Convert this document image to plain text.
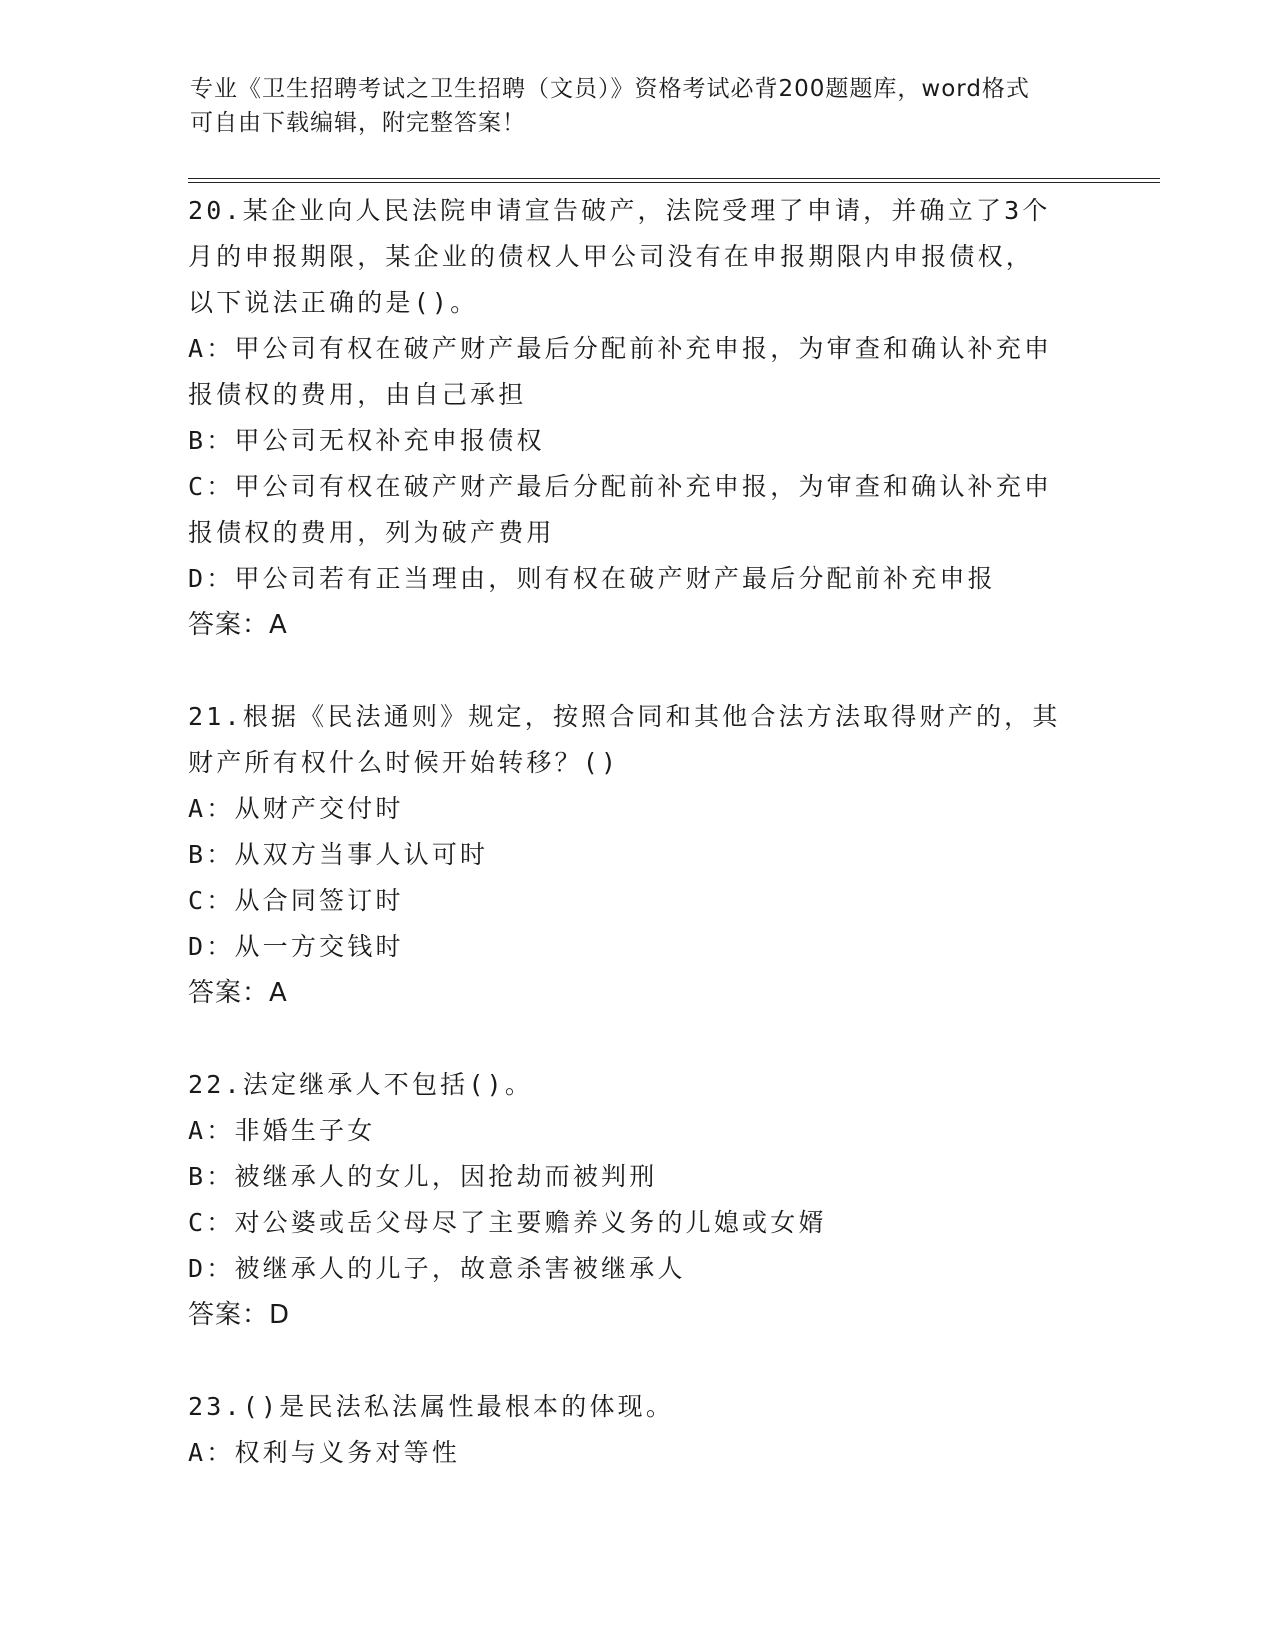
专业《卫生招聘考试之卫生招聘（文员）》资格考试必背200题题库，word格式
可自由下载编辑，附完整答案！
20.某企业向人民法院申请宣告破产，法院受理了申请，并确立了3个
月的申报期限，某企业的债权人甲公司没有在申报期限内申报债权，
以下说法正确的是()。
A：甲公司有权在破产财产最后分配前补充申报，为审查和确认补充申
报债权的费用，由自己承担
B：甲公司无权补充申报债权
C：甲公司有权在破产财产最后分配前补充申报，为审查和确认补充申
报债权的费用，列为破产费用
D：甲公司若有正当理由，则有权在破产财产最后分配前补充申报
答案：A
21.根据《民法通则》规定，按照合同和其他合法方法取得财产的，其
财产所有权什么时候开始转移？()
A：从财产交付时
B：从双方当事人认可时
C：从合同签订时
D：从一方交钱时
答案：A
22.法定继承人不包括()。
A：非婚生子女
B：被继承人的女儿，因抢劫而被判刑
C：对公婆或岳父母尽了主要赡养义务的儿媳或女婿
D：被继承人的儿子，故意杀害被继承人
答案：D
23.()是民法私法属性最根本的体现。
A：权利与义务对等性
